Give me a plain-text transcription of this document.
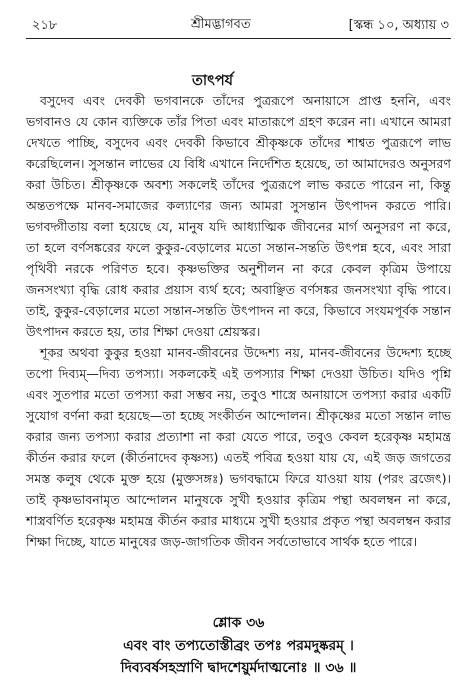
২১৮	শ্রীমদ্ভাগবত	[স্কন্ধ ১০, অধ্যায় ৩
তাৎপর্য

বসুদেব এবং দেবকী ভগবানকে তাঁদের পুত্ররূপে অনায়াসে প্রাপ্ত হননি, এবং ভগবানও যে কোন ব্যক্তিকে তাঁর পিতা এবং মাতারূপে গ্রহণ করেন না। এখানে আমরা দেখতে পাচ্ছি, বসুদেব এবং দেবকী কিভাবে শ্রীকৃষ্ণকে তাঁদের শাশ্বত পুত্ররূপে লাভ করেছিলেন। সুসন্তান লাভের যে বিধি এখানে নির্দেশিত হয়েছে, তা আমাদেরও অনুসরণ করা উচিত। শ্রীকৃষ্ণকে অবশ্য সকলেই তাঁদের পুত্ররূপে লাভ করতে পারেন না, কিন্তু অন্ততপক্ষে মানব-সমাজের কল্যাণের জন্য আমরা সুসন্তান উৎপাদন করতে পারি। ভগবদ্গীতায় বলা হয়েছে যে, মানুষ যদি আধ্যাত্মিক জীবনের মার্গ অনুসরণ না করে, তা হলে বর্ণসঙ্করের ফলে কুকুর-বেড়ালের মতো সন্তান-সন্ততি উৎপন্ন হবে, এবং সারা পৃথিবী নরকে পরিণত হবে। কৃষ্ণভক্তির অনুশীলন না করে কেবল কৃত্রিম উপায়ে জনসংখ্যা বৃদ্ধি রোধ করার প্রয়াস ব্যর্থ হবে; অবাঞ্ছিত বর্ণসঙ্কর জনসংখ্যা বৃদ্ধি পাবে। তাই, কুকুর-বেড়ালের মতো সন্তান-সন্ততি উৎপাদন না করে, কিভাবে সংযমপূর্বক সন্তান উৎপাদন করতে হয়, তার শিক্ষা দেওয়া শ্রেয়স্কর।

শূকর অথবা কুকুর হওয়া মানব-জীবনের উদ্দেশ্য নয়, মানব-জীবনের উদ্দেশ্য হচ্ছে তপো দিব্যম্—দিব্য তপস্যা। সকলকেই এই তপস্যার শিক্ষা দেওয়া উচিত। যদিও পৃশ্নি এবং সুতপার মতো তপস্যা করা সম্ভব নয়, তবুও শাস্ত্রে অনায়াসে তপস্যা করার একটি সুযোগ বর্ণনা করা হয়েছে—তা হচ্ছে সংকীর্তন আন্দোলন। শ্রীকৃষ্ণের মতো সন্তান লাভ করার জন্য তপস্যা করার প্রত্যাশা না করা যেতে পারে, তবুও কেবল হরেকৃষ্ণ মহামন্ত্র কীর্তন করার ফলে (কীর্তনাদেব কৃষ্ণস্য) এতই পবিত্র হওয়া যায় যে, এই জড় জগতের সমস্ত কলুষ থেকে মুক্ত হয়ে (মুক্তসঙ্গঃ) ভগবদ্ধামে ফিরে যাওয়া যায় (পরং ব্রজেৎ)। তাই কৃষ্ণভাবনামৃত আন্দোলন মানুষকে সুখী হওয়ার কৃত্রিম পন্থা অবলম্বন না করে, শাস্ত্রবর্ণিত হরেকৃষ্ণ মহামন্ত্র কীর্তন করার মাধ্যমে সুখী হওয়ার প্রকৃত পন্থা অবলম্বন করার শিক্ষা দিচ্ছে, যাতে মানুষের জড়-জাগতিক জীবন সর্বতোভাবে সার্থক হতে পারে।

শ্লোক ৩৬
এবং বাং তপ্যতোস্তীব্রং তপঃ পরমদুষ্করম্ ।
দিব্যবর্ষসহস্রাণি দ্বাদশেয়ুর্মদাত্মনোঃ ॥ ৩৬ ॥
